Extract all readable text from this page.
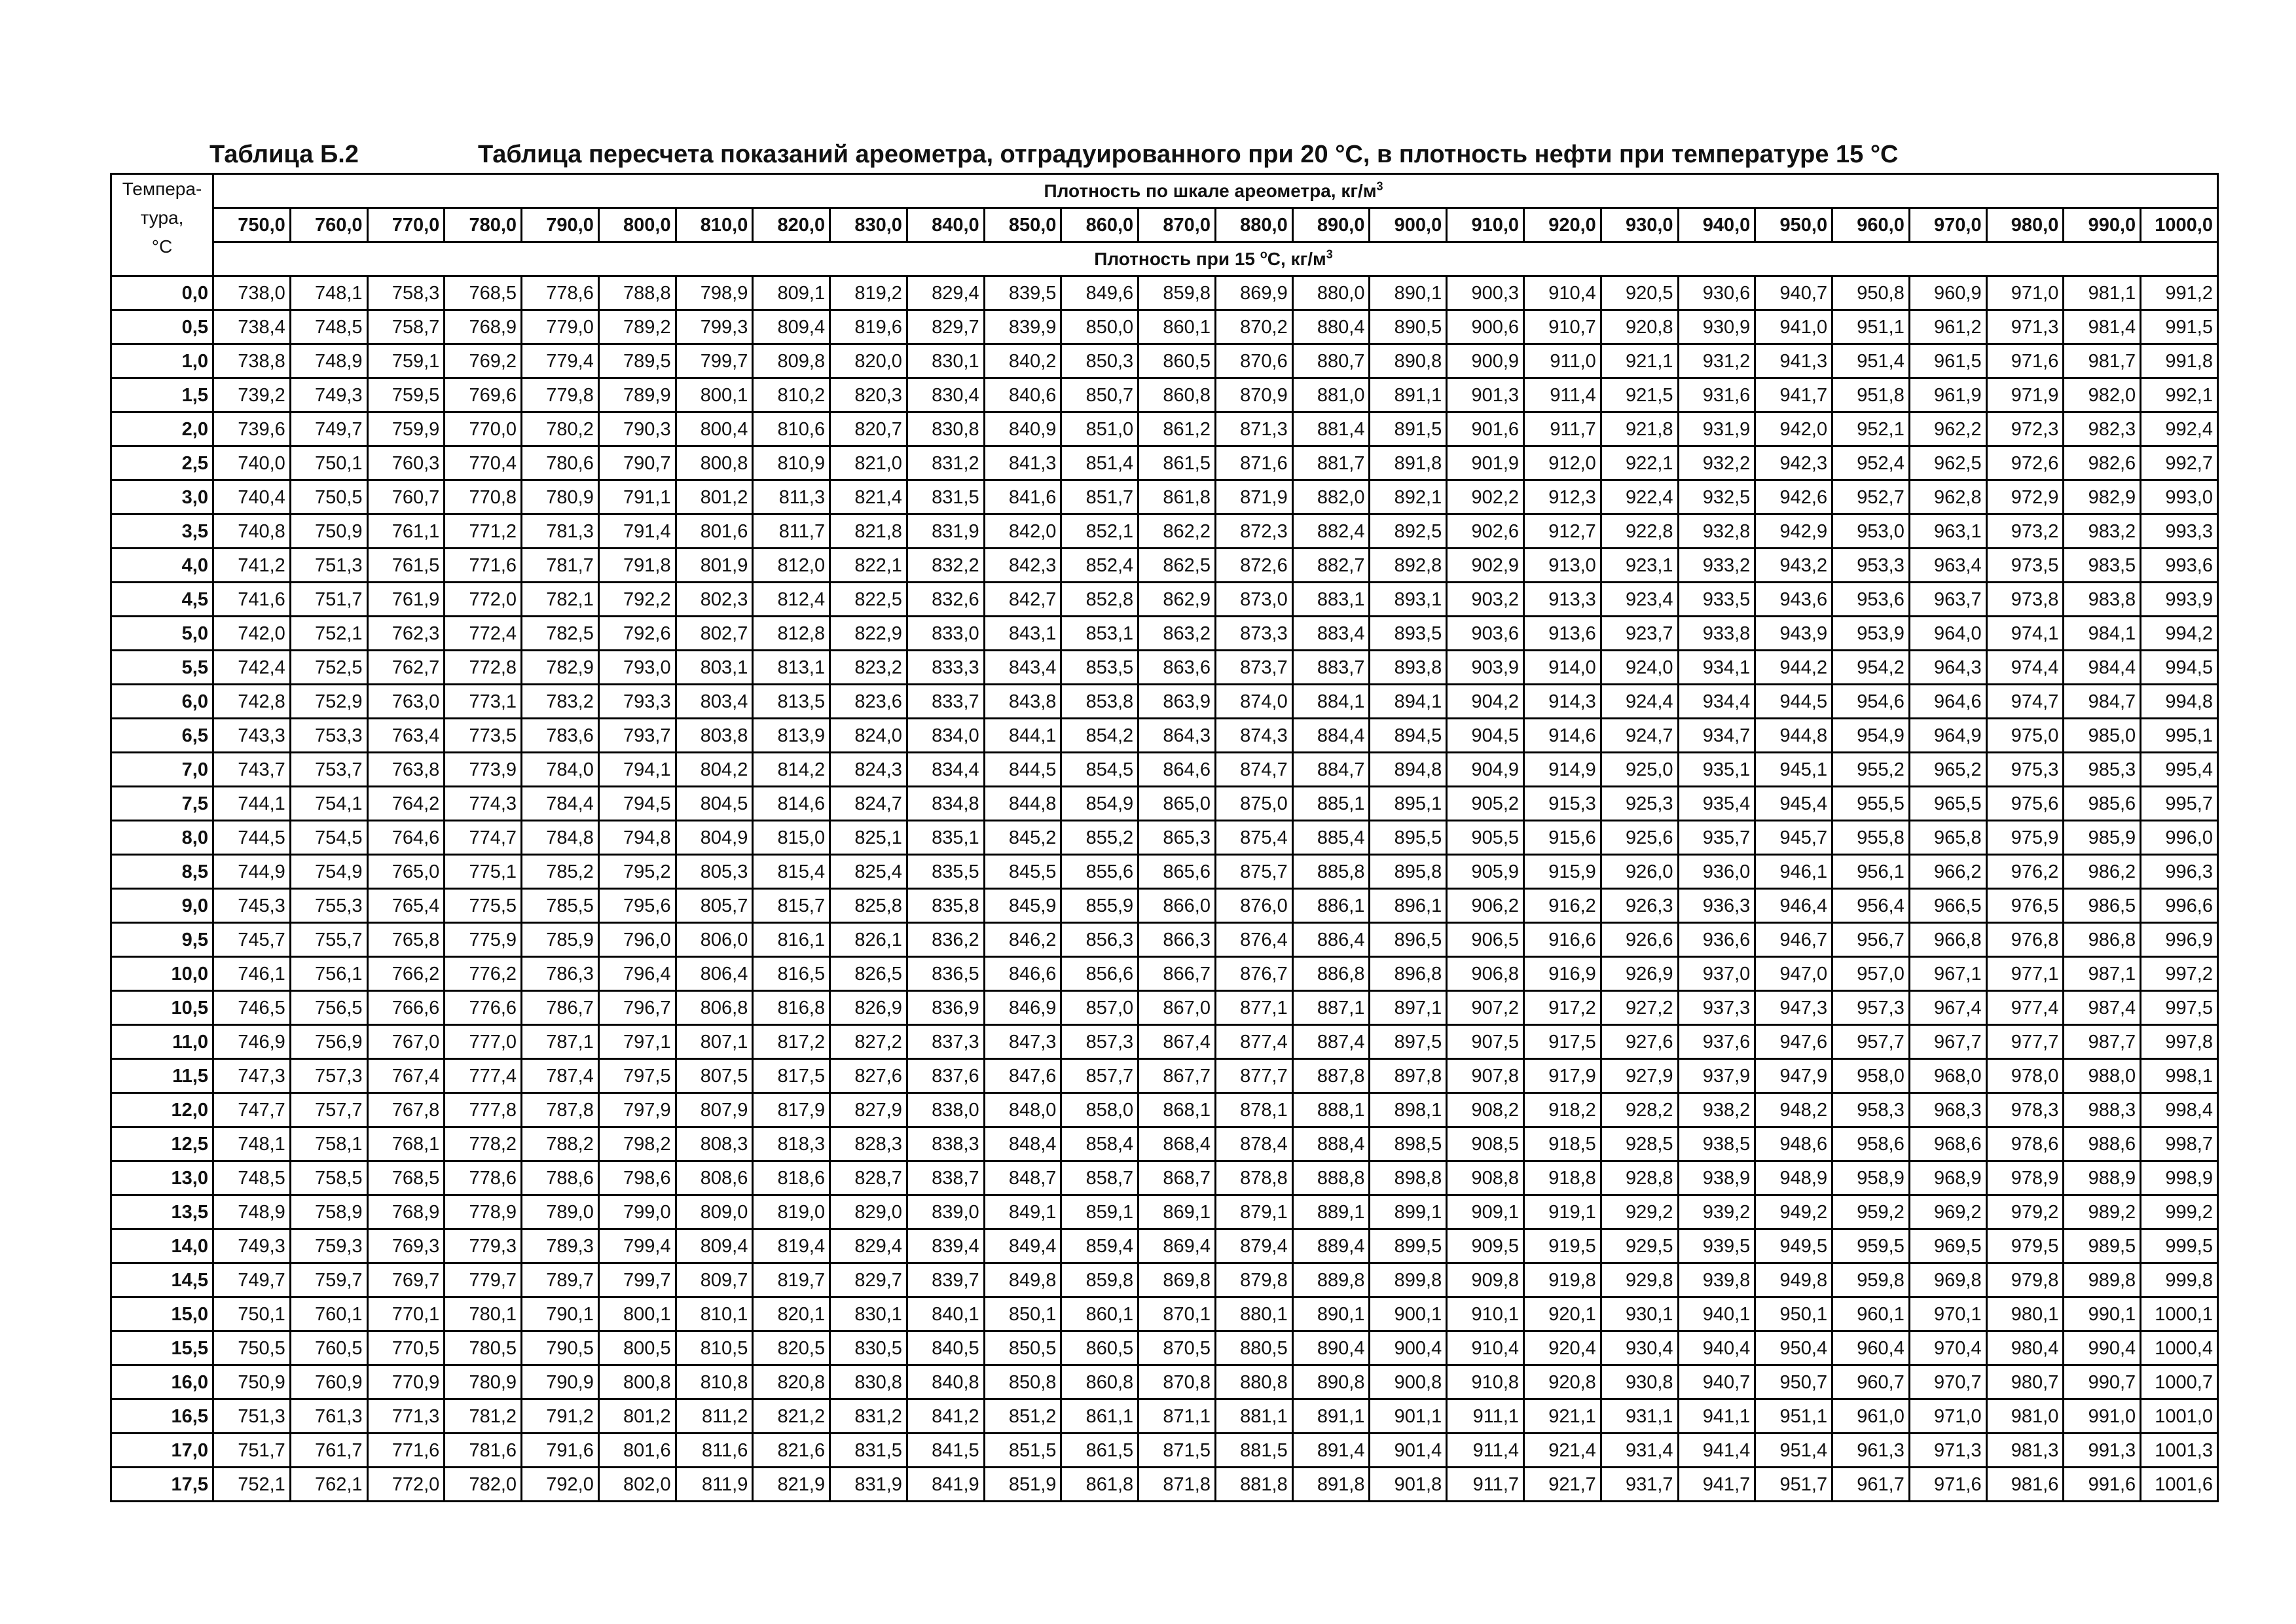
Таблица Б.2	Таблица пересчета показаний ареометра, отградуированного при 20 °C, в плотность нефти при температуре 15 °C
Темпера-
тура,
°C	Плотность по шкале ареометра, $кг/м^3$
	750,0	760,0	770,0	780,0	790,0	800,0	810,0	820,0	830,0	840,0	850,0	860,0	870,0	880,0	890,0	900,0	910,0	920,0	930,0	940,0	950,0	960,0	970,0	980,0	990,0	1000,0
	Плотность при 15 $^o$C, $кг/м^3$
0,0	738,0	748,1	758,3	768,5	778,6	788,8	798,9	809,1	819,2	829,4	839,5	849,6	859,8	869,9	880,0	890,1	900,3	910,4	920,5	930,6	940,7	950,8	960,9	971,0	981,1	991,2
0,5	738,4	748,5	758,7	768,9	779,0	789,2	799,3	809,4	819,6	829,7	839,9	850,0	860,1	870,2	880,4	890,5	900,6	910,7	920,8	930,9	941,0	951,1	961,2	971,3	981,4	991,5
1,0	738,8	748,9	759,1	769,2	779,4	789,5	799,7	809,8	820,0	830,1	840,2	850,3	860,5	870,6	880,7	890,8	900,9	911,0	921,1	931,2	941,3	951,4	961,5	971,6	981,7	991,8
1,5	739,2	749,3	759,5	769,6	779,8	789,9	800,1	810,2	820,3	830,4	840,6	850,7	860,8	870,9	881,0	891,1	901,3	911,4	921,5	931,6	941,7	951,8	961,9	971,9	982,0	992,1
2,0	739,6	749,7	759,9	770,0	780,2	790,3	800,4	810,6	820,7	830,8	840,9	851,0	861,2	871,3	881,4	891,5	901,6	911,7	921,8	931,9	942,0	952,1	962,2	972,3	982,3	992,4
2,5	740,0	750,1	760,3	770,4	780,6	790,7	800,8	810,9	821,0	831,2	841,3	851,4	861,5	871,6	881,7	891,8	901,9	912,0	922,1	932,2	942,3	952,4	962,5	972,6	982,6	992,7
3,0	740,4	750,5	760,7	770,8	780,9	791,1	801,2	811,3	821,4	831,5	841,6	851,7	861,8	871,9	882,0	892,1	902,2	912,3	922,4	932,5	942,6	952,7	962,8	972,9	982,9	993,0
3,5	740,8	750,9	761,1	771,2	781,3	791,4	801,6	811,7	821,8	831,9	842,0	852,1	862,2	872,3	882,4	892,5	902,6	912,7	922,8	932,8	942,9	953,0	963,1	973,2	983,2	993,3
4,0	741,2	751,3	761,5	771,6	781,7	791,8	801,9	812,0	822,1	832,2	842,3	852,4	862,5	872,6	882,7	892,8	902,9	913,0	923,1	933,2	943,2	953,3	963,4	973,5	983,5	993,6
4,5	741,6	751,7	761,9	772,0	782,1	792,2	802,3	812,4	822,5	832,6	842,7	852,8	862,9	873,0	883,1	893,1	903,2	913,3	923,4	933,5	943,6	953,6	963,7	973,8	983,8	993,9
5,0	742,0	752,1	762,3	772,4	782,5	792,6	802,7	812,8	822,9	833,0	843,1	853,1	863,2	873,3	883,4	893,5	903,6	913,6	923,7	933,8	943,9	953,9	964,0	974,1	984,1	994,2
5,5	742,4	752,5	762,7	772,8	782,9	793,0	803,1	813,1	823,2	833,3	843,4	853,5	863,6	873,7	883,7	893,8	903,9	914,0	924,0	934,1	944,2	954,2	964,3	974,4	984,4	994,5
6,0	742,8	752,9	763,0	773,1	783,2	793,3	803,4	813,5	823,6	833,7	843,8	853,8	863,9	874,0	884,1	894,1	904,2	914,3	924,4	934,4	944,5	954,6	964,6	974,7	984,7	994,8
6,5	743,3	753,3	763,4	773,5	783,6	793,7	803,8	813,9	824,0	834,0	844,1	854,2	864,3	874,3	884,4	894,5	904,5	914,6	924,7	934,7	944,8	954,9	964,9	975,0	985,0	995,1
7,0	743,7	753,7	763,8	773,9	784,0	794,1	804,2	814,2	824,3	834,4	844,5	854,5	864,6	874,7	884,7	894,8	904,9	914,9	925,0	935,1	945,1	955,2	965,2	975,3	985,3	995,4
7,5	744,1	754,1	764,2	774,3	784,4	794,5	804,5	814,6	824,7	834,8	844,8	854,9	865,0	875,0	885,1	895,1	905,2	915,3	925,3	935,4	945,4	955,5	965,5	975,6	985,6	995,7
8,0	744,5	754,5	764,6	774,7	784,8	794,8	804,9	815,0	825,1	835,1	845,2	855,2	865,3	875,4	885,4	895,5	905,5	915,6	925,6	935,7	945,7	955,8	965,8	975,9	985,9	996,0
8,5	744,9	754,9	765,0	775,1	785,2	795,2	805,3	815,4	825,4	835,5	845,5	855,6	865,6	875,7	885,8	895,8	905,9	915,9	926,0	936,0	946,1	956,1	966,2	976,2	986,2	996,3
9,0	745,3	755,3	765,4	775,5	785,5	795,6	805,7	815,7	825,8	835,8	845,9	855,9	866,0	876,0	886,1	896,1	906,2	916,2	926,3	936,3	946,4	956,4	966,5	976,5	986,5	996,6
9,5	745,7	755,7	765,8	775,9	785,9	796,0	806,0	816,1	826,1	836,2	846,2	856,3	866,3	876,4	886,4	896,5	906,5	916,6	926,6	936,6	946,7	956,7	966,8	976,8	986,8	996,9
10,0	746,1	756,1	766,2	776,2	786,3	796,4	806,4	816,5	826,5	836,5	846,6	856,6	866,7	876,7	886,8	896,8	906,8	916,9	926,9	937,0	947,0	957,0	967,1	977,1	987,1	997,2
10,5	746,5	756,5	766,6	776,6	786,7	796,7	806,8	816,8	826,9	836,9	846,9	857,0	867,0	877,1	887,1	897,1	907,2	917,2	927,2	937,3	947,3	957,3	967,4	977,4	987,4	997,5
11,0	746,9	756,9	767,0	777,0	787,1	797,1	807,1	817,2	827,2	837,3	847,3	857,3	867,4	877,4	887,4	897,5	907,5	917,5	927,6	937,6	947,6	957,7	967,7	977,7	987,7	997,8
11,5	747,3	757,3	767,4	777,4	787,4	797,5	807,5	817,5	827,6	837,6	847,6	857,7	867,7	877,7	887,8	897,8	907,8	917,9	927,9	937,9	947,9	958,0	968,0	978,0	988,0	998,1
12,0	747,7	757,7	767,8	777,8	787,8	797,9	807,9	817,9	827,9	838,0	848,0	858,0	868,1	878,1	888,1	898,1	908,2	918,2	928,2	938,2	948,2	958,3	968,3	978,3	988,3	998,4
12,5	748,1	758,1	768,1	778,2	788,2	798,2	808,3	818,3	828,3	838,3	848,4	858,4	868,4	878,4	888,4	898,5	908,5	918,5	928,5	938,5	948,6	958,6	968,6	978,6	988,6	998,7
13,0	748,5	758,5	768,5	778,6	788,6	798,6	808,6	818,6	828,7	838,7	848,7	858,7	868,7	878,8	888,8	898,8	908,8	918,8	928,8	938,9	948,9	958,9	968,9	978,9	988,9	998,9
13,5	748,9	758,9	768,9	778,9	789,0	799,0	809,0	819,0	829,0	839,0	849,1	859,1	869,1	879,1	889,1	899,1	909,1	919,1	929,2	939,2	949,2	959,2	969,2	979,2	989,2	999,2
14,0	749,3	759,3	769,3	779,3	789,3	799,4	809,4	819,4	829,4	839,4	849,4	859,4	869,4	879,4	889,4	899,5	909,5	919,5	929,5	939,5	949,5	959,5	969,5	979,5	989,5	999,5
14,5	749,7	759,7	769,7	779,7	789,7	799,7	809,7	819,7	829,7	839,7	849,8	859,8	869,8	879,8	889,8	899,8	909,8	919,8	929,8	939,8	949,8	959,8	969,8	979,8	989,8	999,8
15,0	750,1	760,1	770,1	780,1	790,1	800,1	810,1	820,1	830,1	840,1	850,1	860,1	870,1	880,1	890,1	900,1	910,1	920,1	930,1	940,1	950,1	960,1	970,1	980,1	990,1	1000,1
15,5	750,5	760,5	770,5	780,5	790,5	800,5	810,5	820,5	830,5	840,5	850,5	860,5	870,5	880,5	890,4	900,4	910,4	920,4	930,4	940,4	950,4	960,4	970,4	980,4	990,4	1000,4
16,0	750,9	760,9	770,9	780,9	790,9	800,8	810,8	820,8	830,8	840,8	850,8	860,8	870,8	880,8	890,8	900,8	910,8	920,8	930,8	940,7	950,7	960,7	970,7	980,7	990,7	1000,7
16,5	751,3	761,3	771,3	781,2	791,2	801,2	811,2	821,2	831,2	841,2	851,2	861,1	871,1	881,1	891,1	901,1	911,1	921,1	931,1	941,1	951,1	961,0	971,0	981,0	991,0	1001,0
17,0	751,7	761,7	771,6	781,6	791,6	801,6	811,6	821,6	831,5	841,5	851,5	861,5	871,5	881,5	891,4	901,4	911,4	921,4	931,4	941,4	951,4	961,3	971,3	981,3	991,3	1001,3
17,5	752,1	762,1	772,0	782,0	792,0	802,0	811,9	821,9	831,9	841,9	851,9	861,8	871,8	881,8	891,8	901,8	911,7	921,7	931,7	941,7	951,7	961,7	971,6	981,6	991,6	1001,6
